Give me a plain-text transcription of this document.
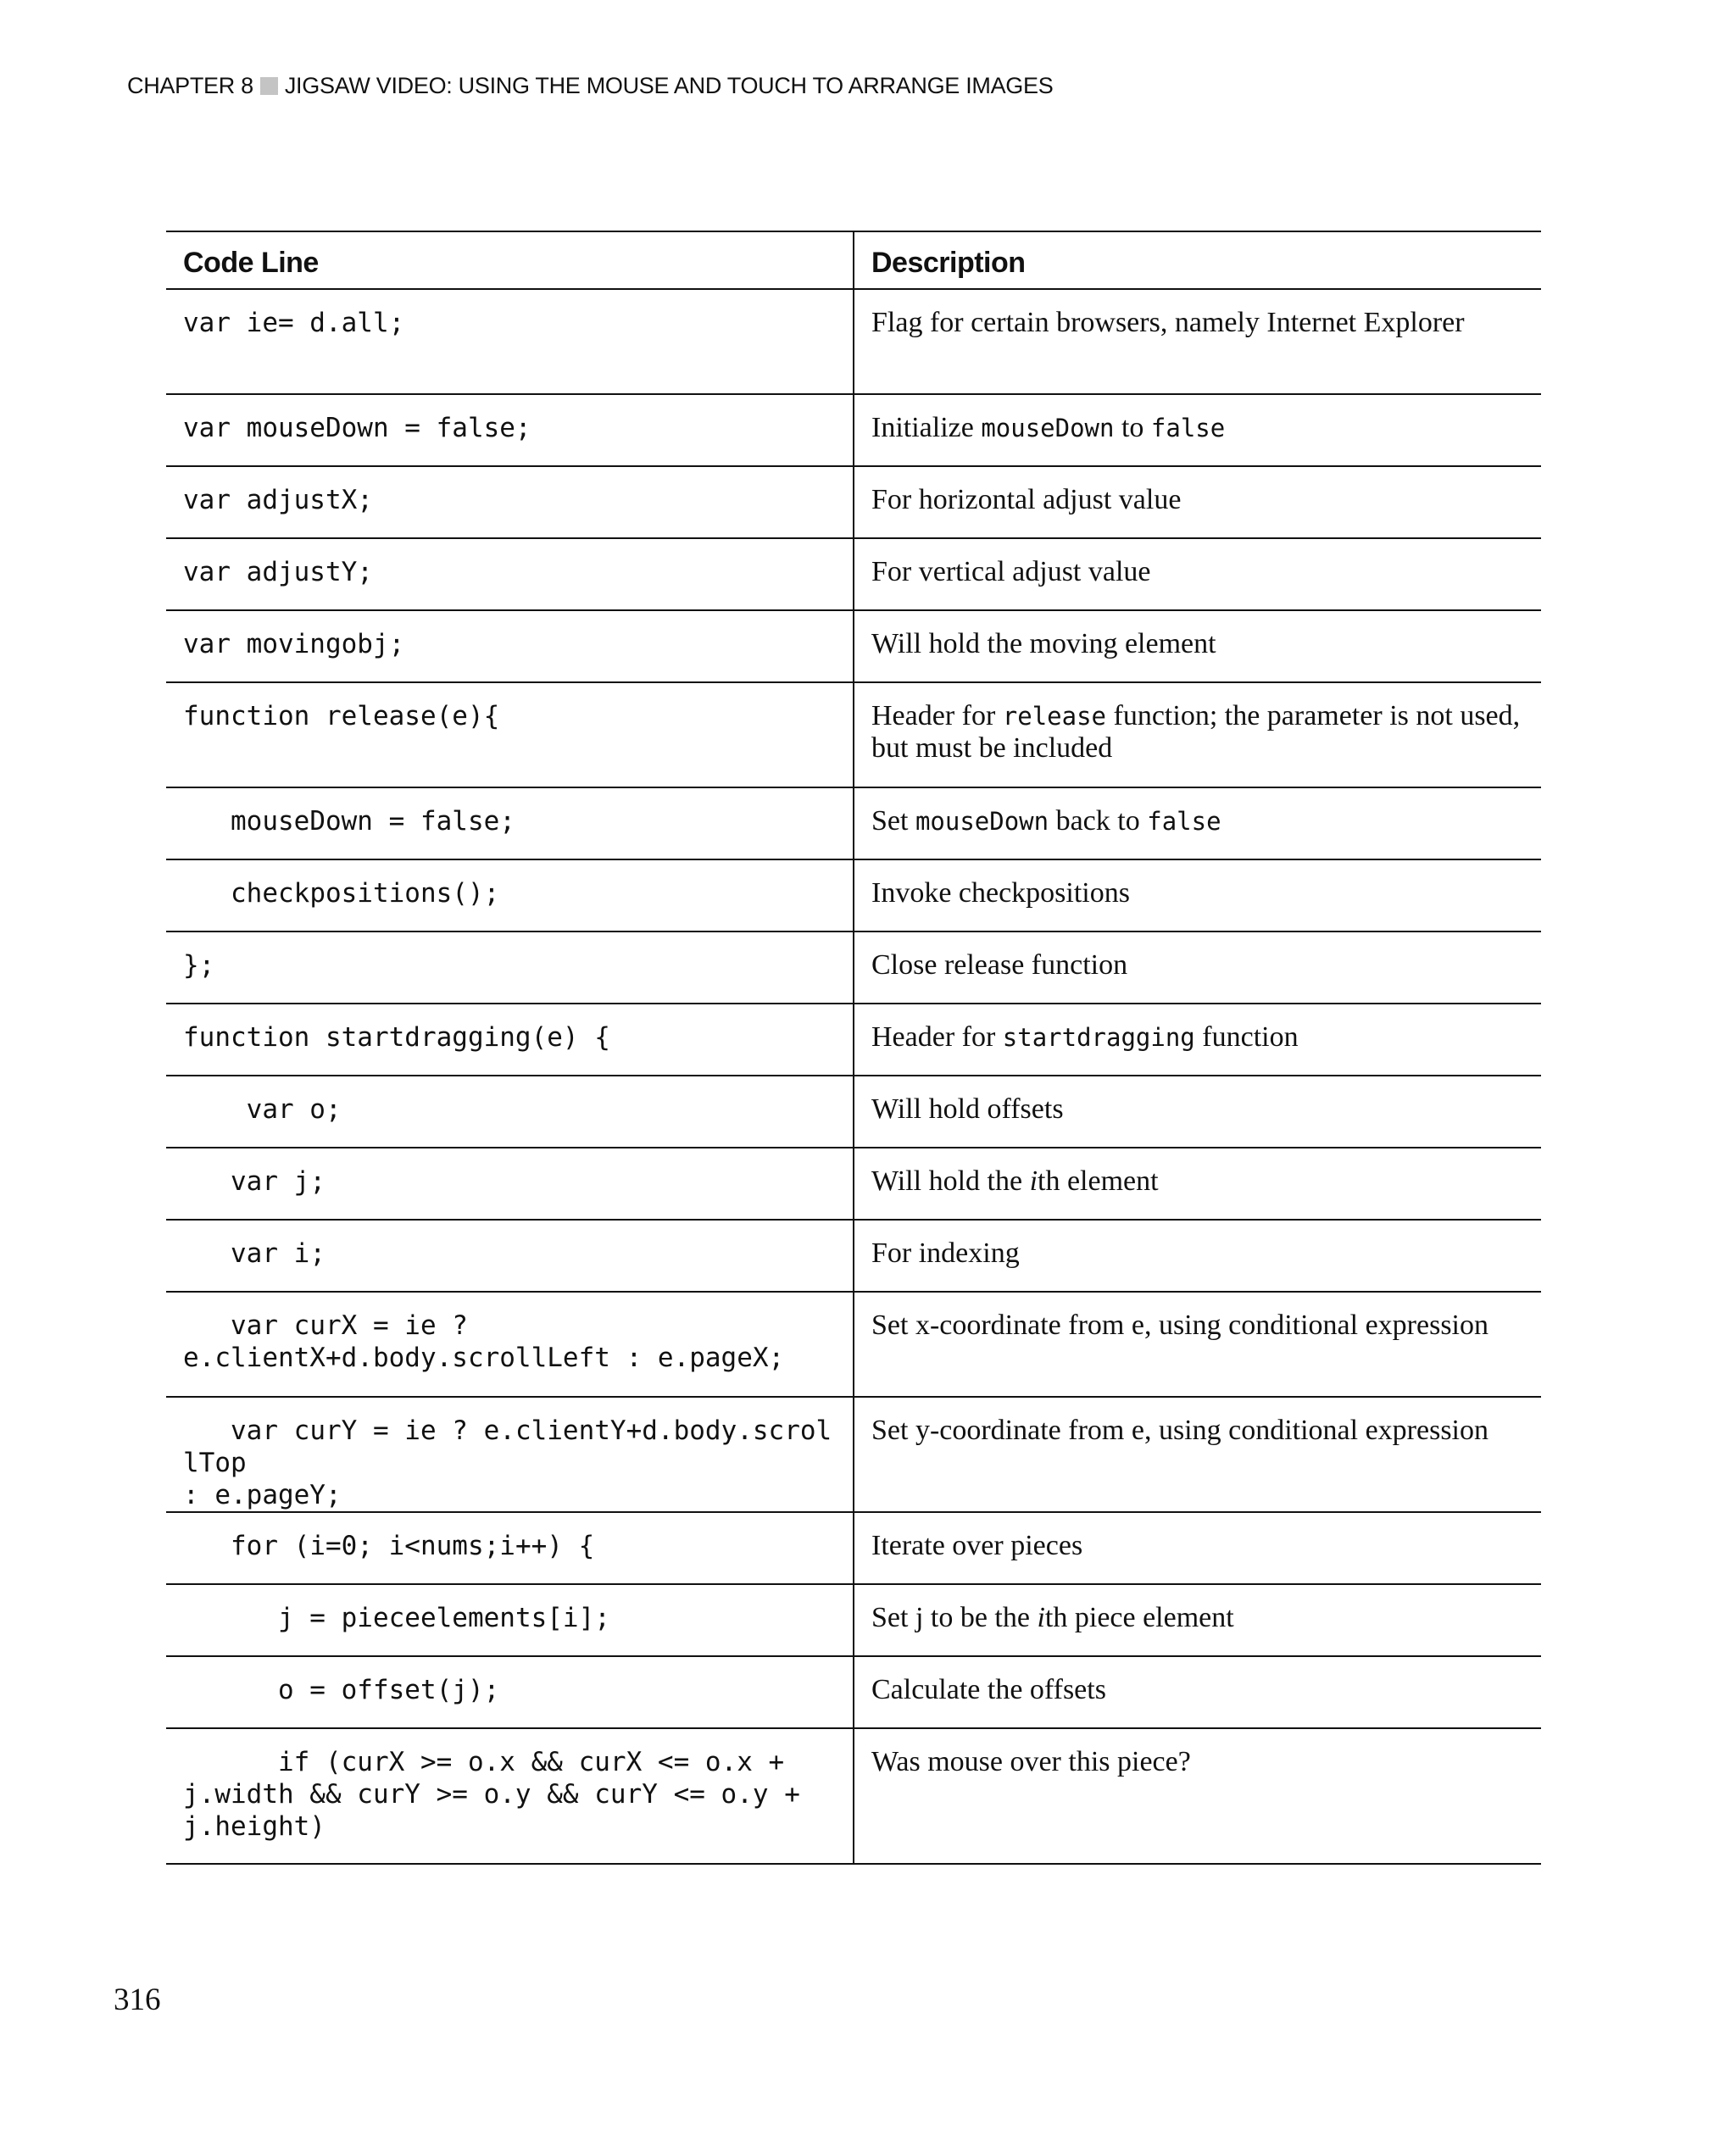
CHAPTER 8 JIGSAW VIDEO: USING THE MOUSE AND TOUCH TO ARRANGE IMAGES
Code Line	Description
var ie= d.all;	Flag for certain browsers, namely Internet Explorer
var mouseDown = false;	Initialize mouseDown to false
var adjustX;	For horizontal adjust value
var adjustY;	For vertical adjust value
var movingobj;	Will hold the moving element
function release(e){	Header for release function; the parameter is not used, but must be included
mouseDown = false;	Set mouseDown back to false
checkpositions();	Invoke checkpositions
};	Close release function
function startdragging(e) {	Header for startdragging function
var o;	Will hold offsets
var j;	Will hold the ith element
var i;	For indexing
var curX = ie ?
e.clientX+d.body.scrollLeft : e.pageX;	Set x-coordinate from e, using conditional expression
var curY = ie ? e.clientY+d.body.scrollTop
: e.pageY;	Set y-coordinate from e, using conditional expression
for (i=0; i<nums;i++) {	Iterate over pieces
j = pieceelements[i];	Set j to be the ith piece element
o = offset(j);	Calculate the offsets
if (curX >= o.x && curX <= o.x +
j.width && curY >= o.y && curY <= o.y +
j.height)	Was mouse over this piece?
316
